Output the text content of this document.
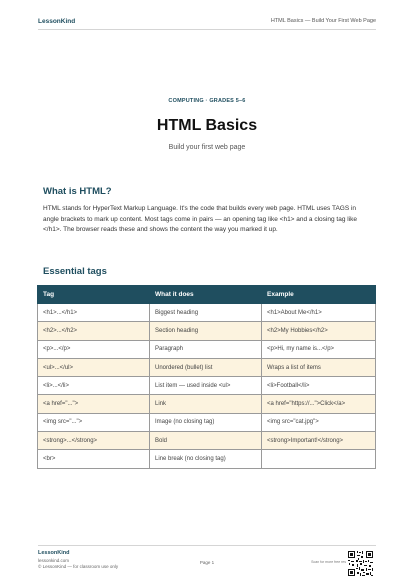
LessonKind	HTML Basics — Build Your First Web Page
COMPUTING · GRADES 5–6
HTML Basics
Build your first web page
What is HTML?

HTML stands for HyperText Markup Language. It's the code that builds every web page. HTML uses TAGS in angle brackets to mark up content. Most tags come in pairs — an opening tag like <h1> and a closing tag like </h1>. The browser reads these and shows the content the way you marked it up.

Essential tags
Tag	What it does	Example
<h1>...</h1>	Biggest heading	<h1>About Me</h1>
<h2>...</h2>	Section heading	<h2>My Hobbies</h2>
<p>...</p>	Paragraph	<p>Hi, my name is...</p>
<ul>...</ul>	Unordered (bullet) list	Wraps a list of items
<li>...</li>	List item — used inside <ul>	<li>Football</li>
<a href="...">	Link	<a href="https://...">Click</a>
<img src="...">	Image (no closing tag)	<img src="cat.jpg">
<strong>...</strong>	Bold	<strong>Important!</strong>
<br>	Line break (no closing tag)	
LessonKind
lessonkind.com
© LessonKind — for classroom use only
Page 1	Scan for more free res
